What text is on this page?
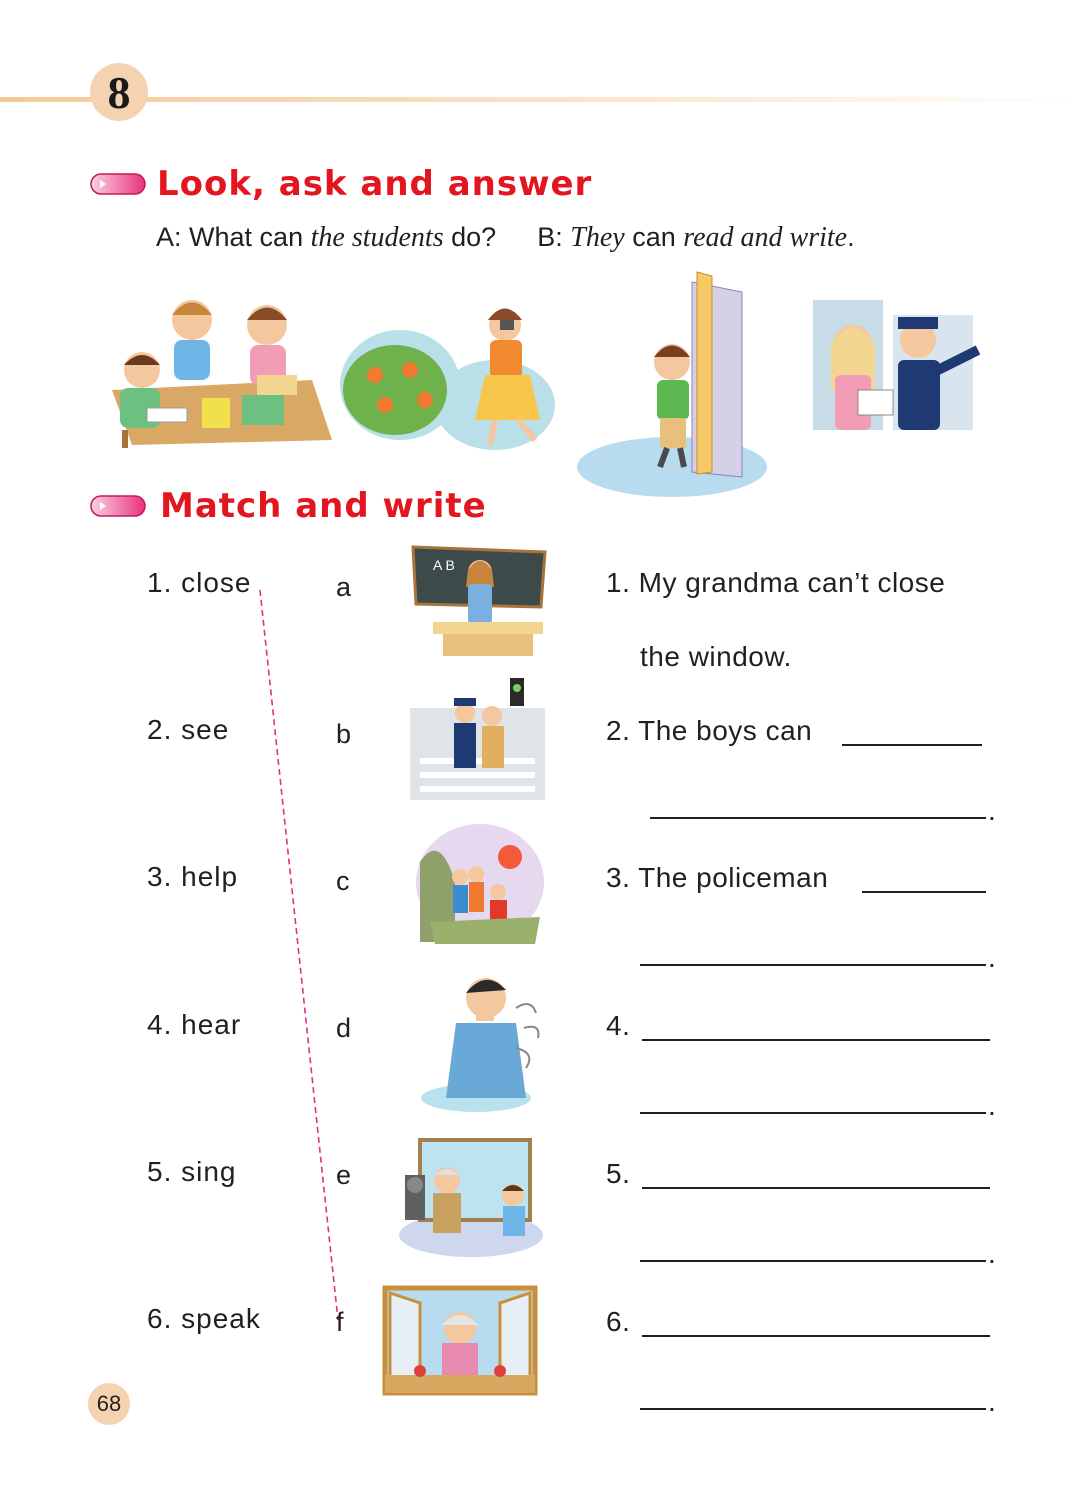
8
Look, ask and answer
A: What can the students do? B: They can read and write.
Match and write
1. close
2. see
3. help
4. hear
5. sing
6. speak
a
b
c
d
e
f
A B
1. My grandma can’t close
the window.
2. The boys can
.
3. The policeman
.
4.
.
5.
.
6.
.
68
